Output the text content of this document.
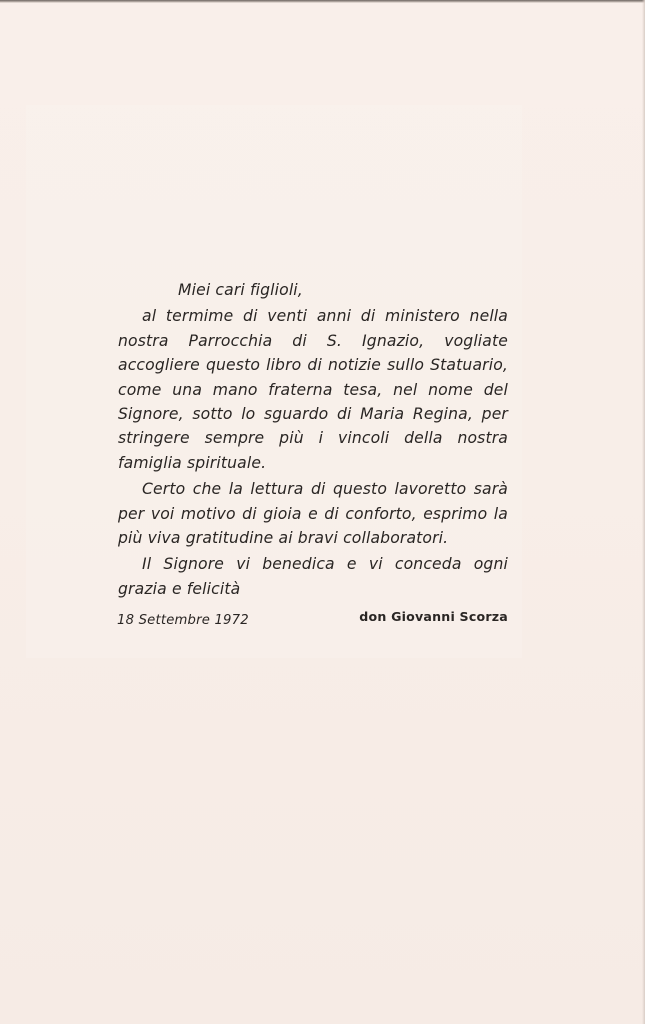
Miei cari figlioli,

al termime di venti anni di ministero nella nostra Parrocchia di S. Ignazio, vogliate accogliere questo libro di notizie sullo Statuario, come una mano fraterna tesa, nel nome del Signore, sotto lo sguardo di Maria Regina, per stringere sempre più i vincoli della nostra famiglia spirituale.

Certo che la lettura di questo lavoretto sarà per voi motivo di gioia e di conforto, esprimo la più viva gratitudine ai bravi collaboratori.

Il Signore vi benedica e vi conceda ogni grazia e felicità

don Giovanni Scorza

18 Settembre 1972
